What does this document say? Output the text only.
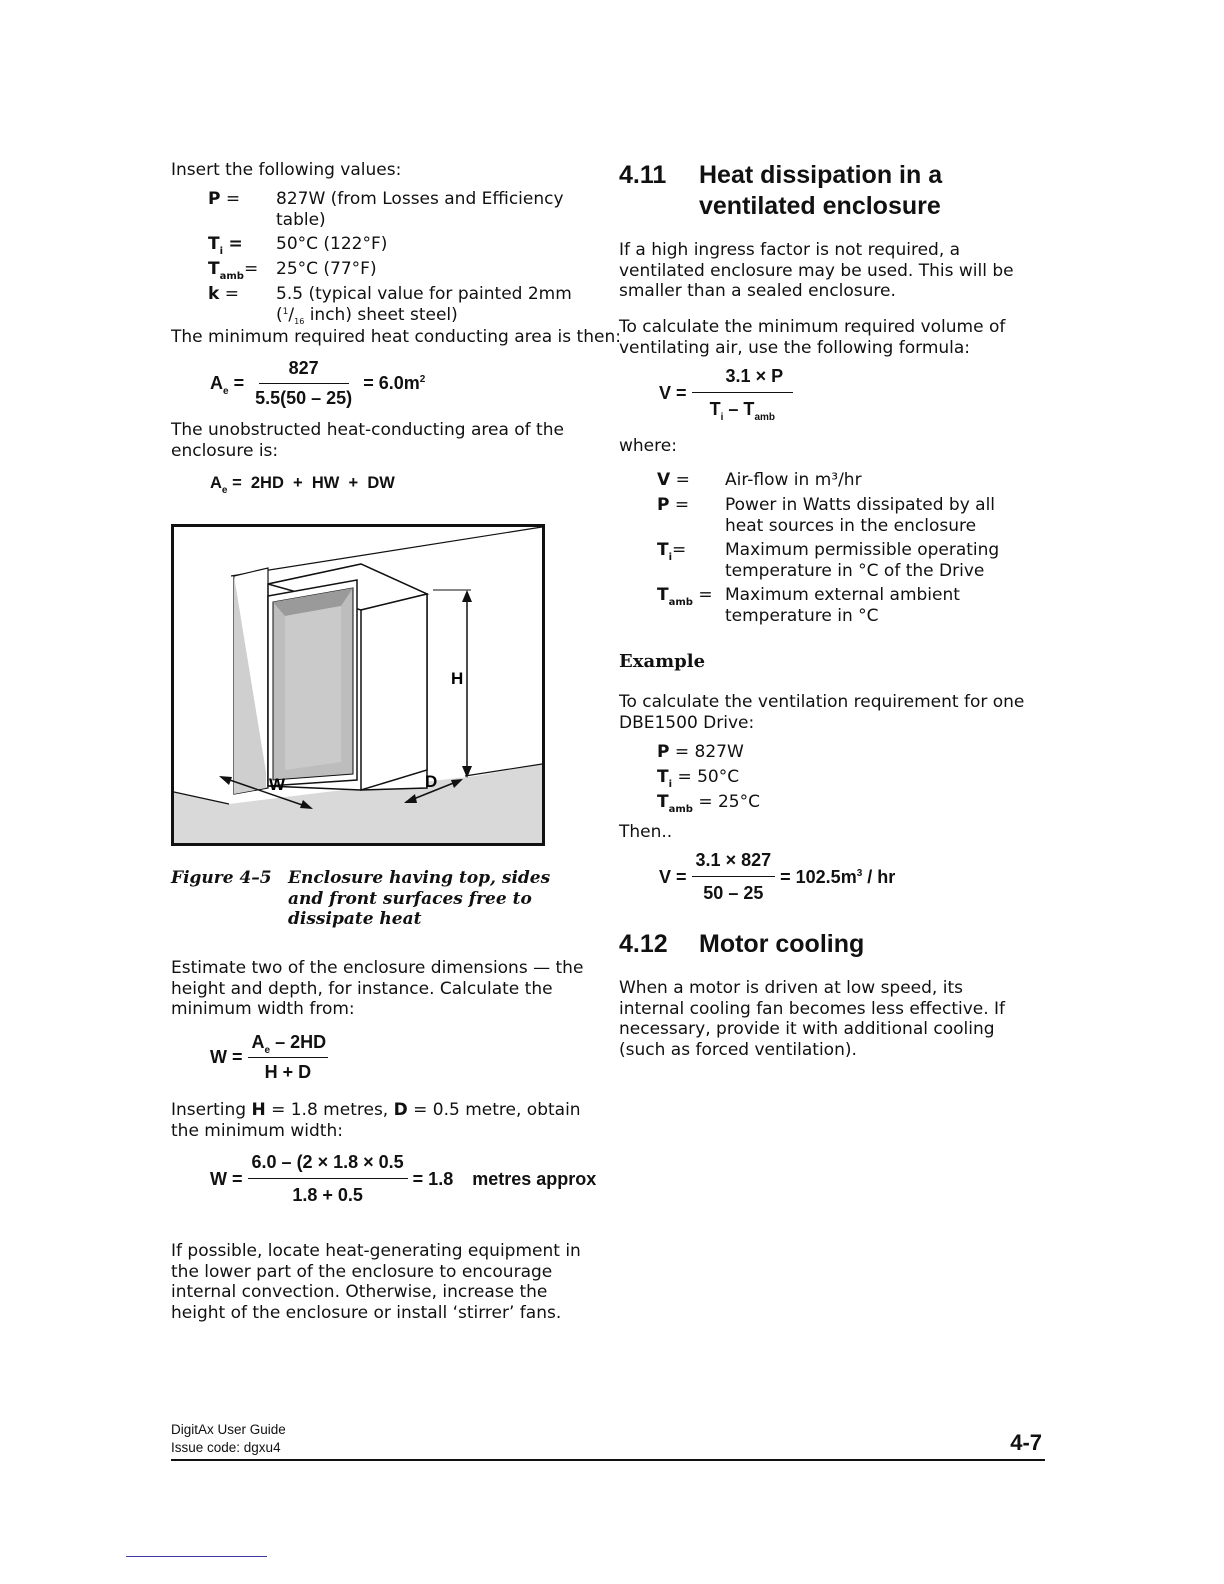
Insert the following values:
P = 827W (from Losses and Efficiency table)
$T_i = 50^\circ C$ (122°F)
$T_{amb}= 25^\circ C$ (77°F)
k = 5.5 (typical value for painted 2mm
($^1/_{16}$ inch) sheet steel)
The minimum required heat conducting area is then:
$A_e = \frac{827}{5.5(50 - 25)} = 6.0m^2$
The unobstructed heat-conducting area of the enclosure is:
$A_e = 2HD$  +  HW  +  DW
H
W	D
Figure 4–5 Enclosure having top, sides and front surfaces free to dissipate heat
Estimate two of the enclosure dimensions — the height and depth, for instance. Calculate the minimum width from:
$W = \frac{A_e - 2HD}{H + D}$
Inserting H = 1.8 metres, D = 0.5 metre, obtain the minimum width:
$W = \frac{6.0 - (2 \times 1.8 \times 0.5}{1.8 + 0.5} = 1.8$ metres approx
If possible, locate heat-generating equipment in the lower part of the enclosure to encourage internal convection. Otherwise, increase the height of the enclosure or install ‘stirrer’ fans.
4.11 Heat dissipation in a ventilated enclosure
If a high ingress factor is not required, a ventilated enclosure may be used. This will be smaller than a sealed enclosure.
To calculate the minimum required volume of ventilating air, use the following formula:
$V = \frac{3.1 \times P}{T_i - T_{amb}}$
where:
V = Air-flow in m³/hr
P = Power in Watts dissipated by all heat sources in the enclosure
$T_i=$ Maximum permissible operating temperature in °C of the Drive
$T_{amb}$ = Maximum external ambient temperature in °C
Example
To calculate the ventilation requirement for one DBE1500 Drive:
P = 827W
$T_i = 50^\circ C$
$T_{amb} = 25^\circ C$
Then..
$V = \frac{3.1 \times 827}{50 - 25} = 102.5m^3$ / hr
4.12 Motor cooling
When a motor is driven at low speed, its internal cooling fan becomes less effective. If necessary, provide it with additional cooling (such as forced ventilation).
DigitAx User Guide
Issue code: dgxu4	4-7
